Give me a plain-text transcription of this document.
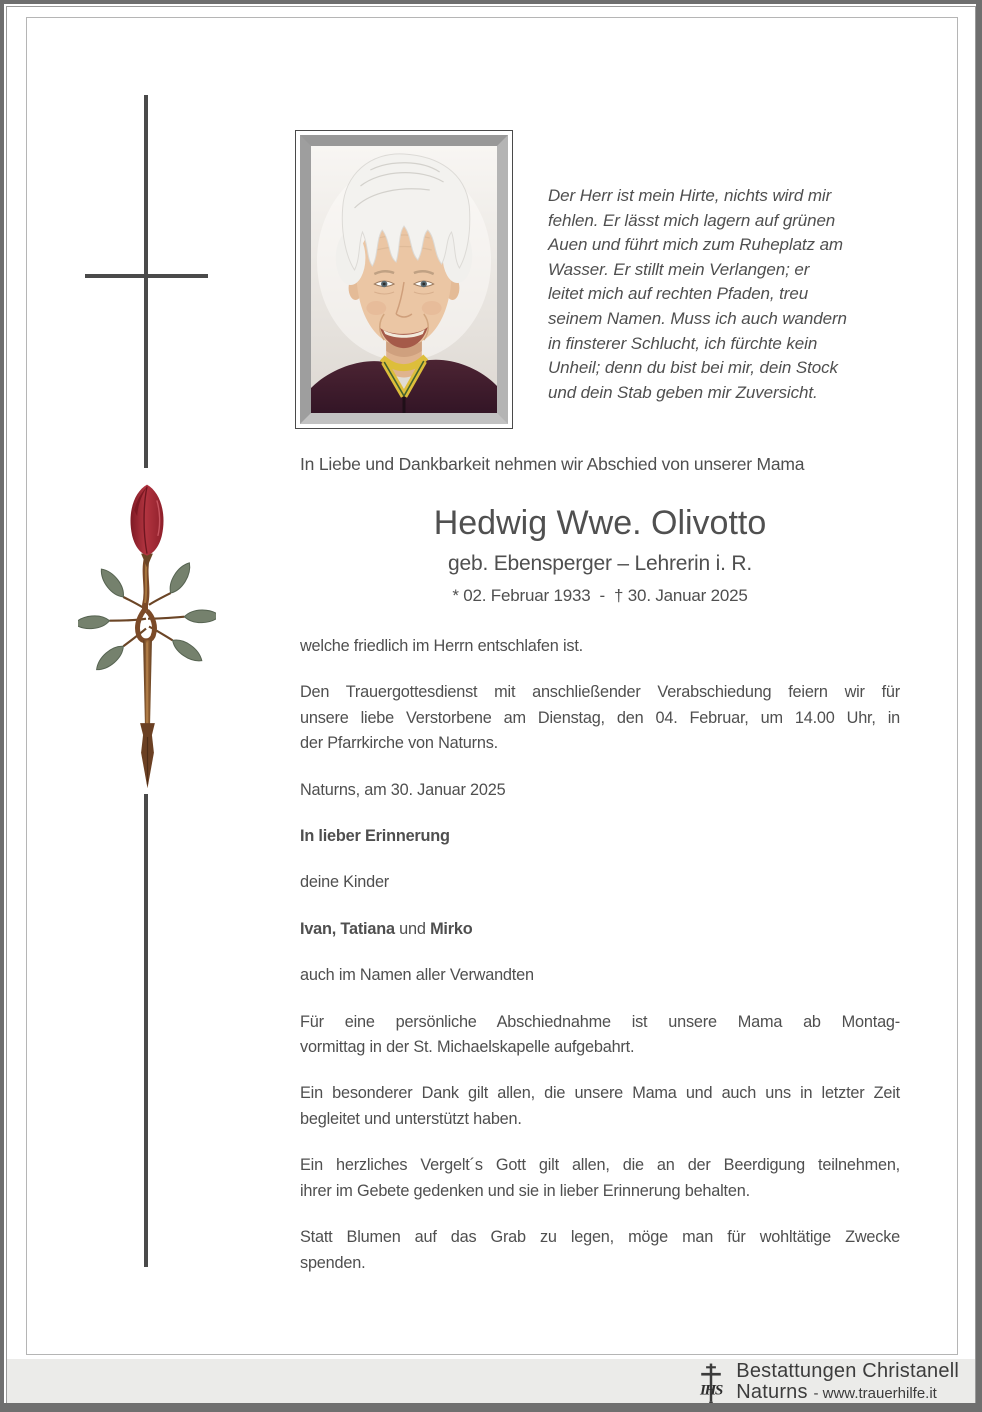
Der Herr ist mein Hirte, nichts wird mir
fehlen. Er lässt mich lagern auf grünen
Auen und führt mich zum Ruheplatz am
Wasser. Er stillt mein Verlangen; er
leitet mich auf rechten Pfaden, treu
seinem Namen. Muss ich auch wandern
in finsterer Schlucht, ich fürchte kein
Unheil; denn du bist bei mir, dein Stock
und dein Stab geben mir Zuversicht.
In Liebe und Dankbarkeit nehmen wir Abschied von unserer Mama
Hedwig Wwe. Olivotto
geb. Ebensperger – Lehrerin i. R.
* 02. Februar 1933  -  † 30. Januar 2025

welche friedlich im Herrn entschlafen ist.

Den Trauergottesdienst mit anschließender Verabschiedung feiern wir für
unsere liebe Verstorbene am Dienstag, den 04. Februar, um 14.00 Uhr, in
der Pfarrkirche von Naturns.

Naturns, am 30. Januar 2025

In lieber Erinnerung

deine Kinder

Ivan, Tatiana und Mirko

auch im Namen aller Verwandten

Für eine persönliche Abschiednahme ist unsere Mama ab Montag-
vormittag in der St. Michaelskapelle aufgebahrt.

Ein besonderer Dank gilt allen, die unsere Mama und auch uns in letzter Zeit
begleitet und unterstützt haben.

Ein herzliches Vergelt´s Gott gilt allen, die an der Beerdigung teilnehmen,
ihrer im Gebete gedenken und sie in lieber Erinnerung behalten.

Statt Blumen auf das Grab zu legen, möge man für wohltätige Zwecke
spenden.

IHS
Bestattungen Christanell
Naturns - www.trauerhilfe.it
